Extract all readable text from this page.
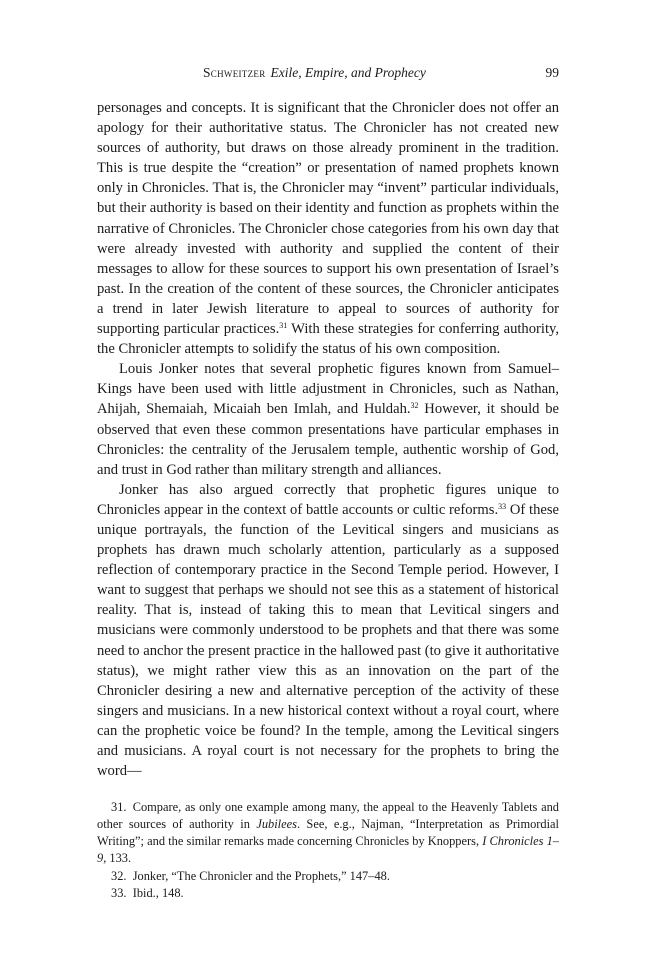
Schweitzer Exile, Empire, and Prophecy	99

personages and concepts. It is significant that the Chronicler does not offer an apology for their authoritative status. The Chronicler has not created new sources of authority, but draws on those already prominent in the tradition. This is true despite the “creation” or presentation of named prophets known only in Chronicles. That is, the Chronicler may “invent” particular individuals, but their authority is based on their identity and function as prophets within the narrative of Chronicles. The Chronicler chose categories from his own day that were already invested with authority and supplied the content of their messages to allow for these sources to support his own presentation of Israel’s past. In the creation of the content of these sources, the Chronicler anticipates a trend in later Jewish literature to appeal to sources of authority for supporting particular practices.$^{31}$ With these strategies for conferring authority, the Chronicler attempts to solidify the status of his own composition.

Louis Jonker notes that several prophetic figures known from Samuel–Kings have been used with little adjustment in Chronicles, such as Nathan, Ahijah, Shemaiah, Micaiah ben Imlah, and Huldah.$^{32}$ However, it should be observed that even these common presentations have particular emphases in Chronicles: the centrality of the Jerusalem temple, authentic worship of God, and trust in God rather than military strength and alliances.

Jonker has also argued correctly that prophetic figures unique to Chronicles appear in the context of battle accounts or cultic reforms.$^{33}$ Of these unique portrayals, the function of the Levitical singers and musicians as prophets has drawn much scholarly attention, particularly as a supposed reflection of contemporary practice in the Second Temple period. However, I want to suggest that perhaps we should not see this as a statement of historical reality. That is, instead of taking this to mean that Levitical singers and musicians were commonly understood to be prophets and that there was some need to anchor the present practice in the hallowed past (to give it authoritative status), we might rather view this as an innovation on the part of the Chronicler desiring a new and alternative perception of the activity of these singers and musicians. In a new historical context without a royal court, where can the prophetic voice be found? In the temple, among the Levitical singers and musicians. A royal court is not necessary for the prophets to bring the word—

31.  Compare, as only one example among many, the appeal to the Heavenly Tablets and other sources of authority in Jubilees. See, e.g., Najman, “Interpretation as Primordial Writing”; and the similar remarks made concerning Chronicles by Knoppers, I Chronicles 1–9, 133.

32.  Jonker, “The Chronicler and the Prophets,” 147–48.

33.  Ibid., 148.
